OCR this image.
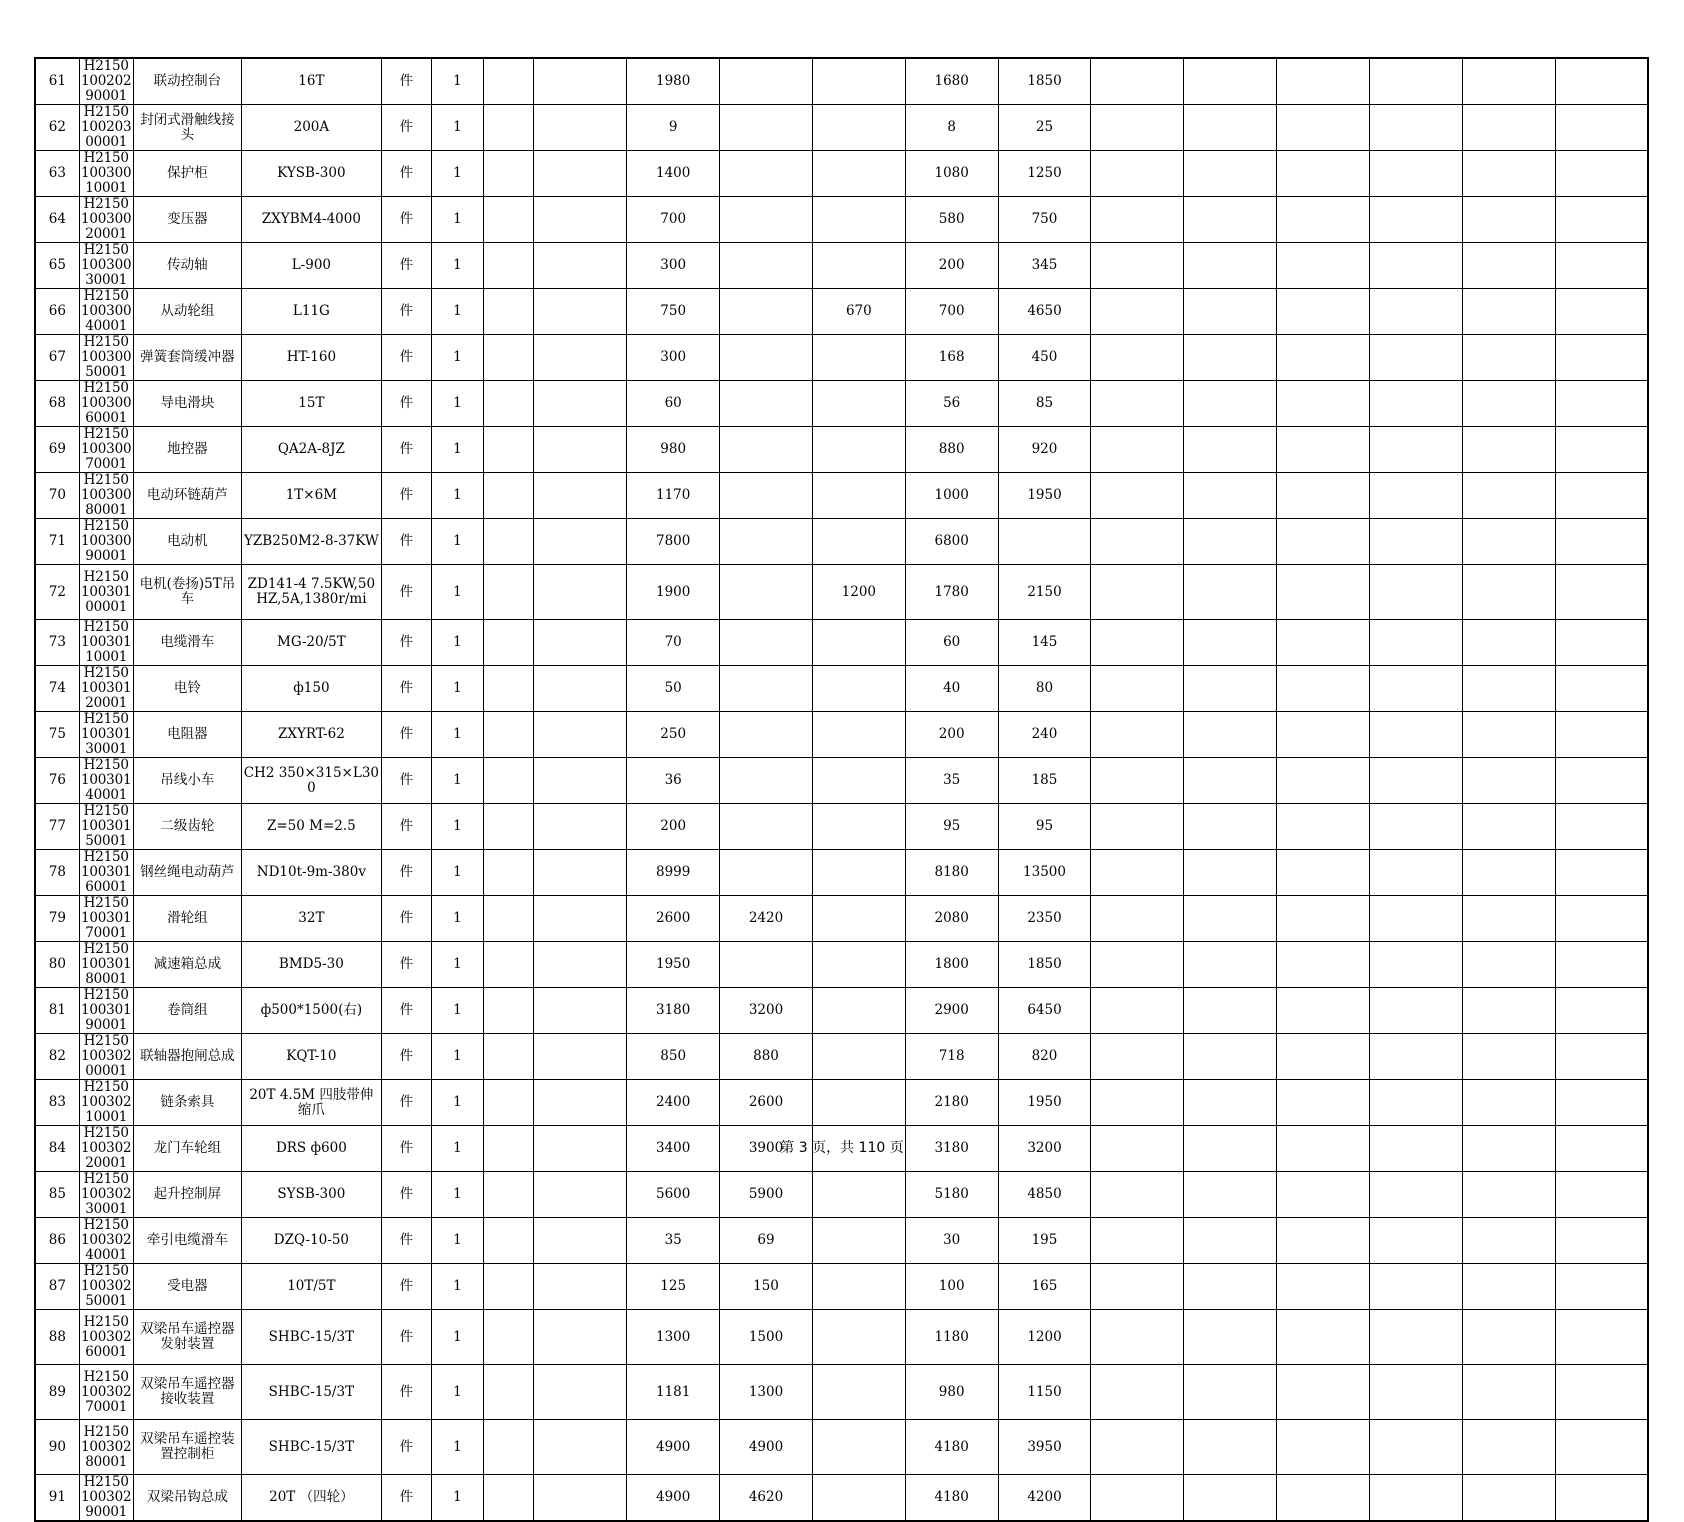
61	H215010020290001	联动控制台	16T	件	1			1980			1680	1850						
62	H215010020300001	封闭式滑触线接头	200A	件	1			9			8	25						
63	H215010030010001	保护柜	KYSB-300	件	1			1400			1080	1250						
64	H215010030020001	变压器	ZXYBM4-4000	件	1			700			580	750						
65	H215010030030001	传动轴	L-900	件	1			300			200	345						
66	H215010030040001	从动轮组	L11G	件	1			750		670	700	4650						
67	H215010030050001	弹簧套筒缓冲器	HT-160	件	1			300			168	450						
68	H215010030060001	导电滑块	15T	件	1			60			56	85						
69	H215010030070001	地控器	QA2A-8JZ	件	1			980			880	920						
70	H215010030080001	电动环链葫芦	1T×6M	件	1			1170			1000	1950						
71	H215010030090001	电动机	YZB250M2-8-37KW	件	1			7800			6800							
72	H215010030100001	电机(卷扬)5T吊车	ZD141-4 7.5KW,50HZ,5A,1380r/mi	件	1			1900		1200	1780	2150						
73	H215010030110001	电缆滑车	MG-20/5T	件	1			70			60	145						
74	H215010030120001	电铃	ф150	件	1			50			40	80						
75	H215010030130001	电阻器	ZXYRT-62	件	1			250			200	240						
76	H215010030140001	吊线小车	CH2 350×315×L300	件	1			36			35	185						
77	H215010030150001	二级齿轮	Z=50 M=2.5	件	1			200			95	95						
78	H215010030160001	钢丝绳电动葫芦	ND10t-9m-380v	件	1			8999			8180	13500						
79	H215010030170001	滑轮组	32T	件	1			2600	2420		2080	2350						
80	H215010030180001	减速箱总成	BMD5-30	件	1			1950			1800	1850						
81	H215010030190001	卷筒组	ф500*1500(右)	件	1			3180	3200		2900	6450						
82	H215010030200001	联轴器抱闸总成	KQT-10	件	1			850	880		718	820						
83	H215010030210001	链条索具	20T 4.5M 四肢带伸缩爪	件	1			2400	2600		2180	1950						
84	H215010030220001	龙门车轮组	DRS ф600	件	1			3400	3900		3180	3200						
85	H215010030230001	起升控制屏	SYSB-300	件	1			5600	5900		5180	4850						
86	H215010030240001	牵引电缆滑车	DZQ-10-50	件	1			35	69		30	195						
87	H215010030250001	受电器	10T/5T	件	1			125	150		100	165						
88	H215010030260001	双梁吊车遥控器发射装置	SHBC-15/3T	件	1			1300	1500		1180	1200						
89	H215010030270001	双梁吊车遥控器接收装置	SHBC-15/3T	件	1			1181	1300		980	1150						
90	H215010030280001	双梁吊车遥控装置控制柜	SHBC-15/3T	件	1			4900	4900		4180	3950						
91	H215010030290001	双梁吊钩总成	20T （四轮）	件	1			4900	4620		4180	4200						
第 3 页，共 110 页
